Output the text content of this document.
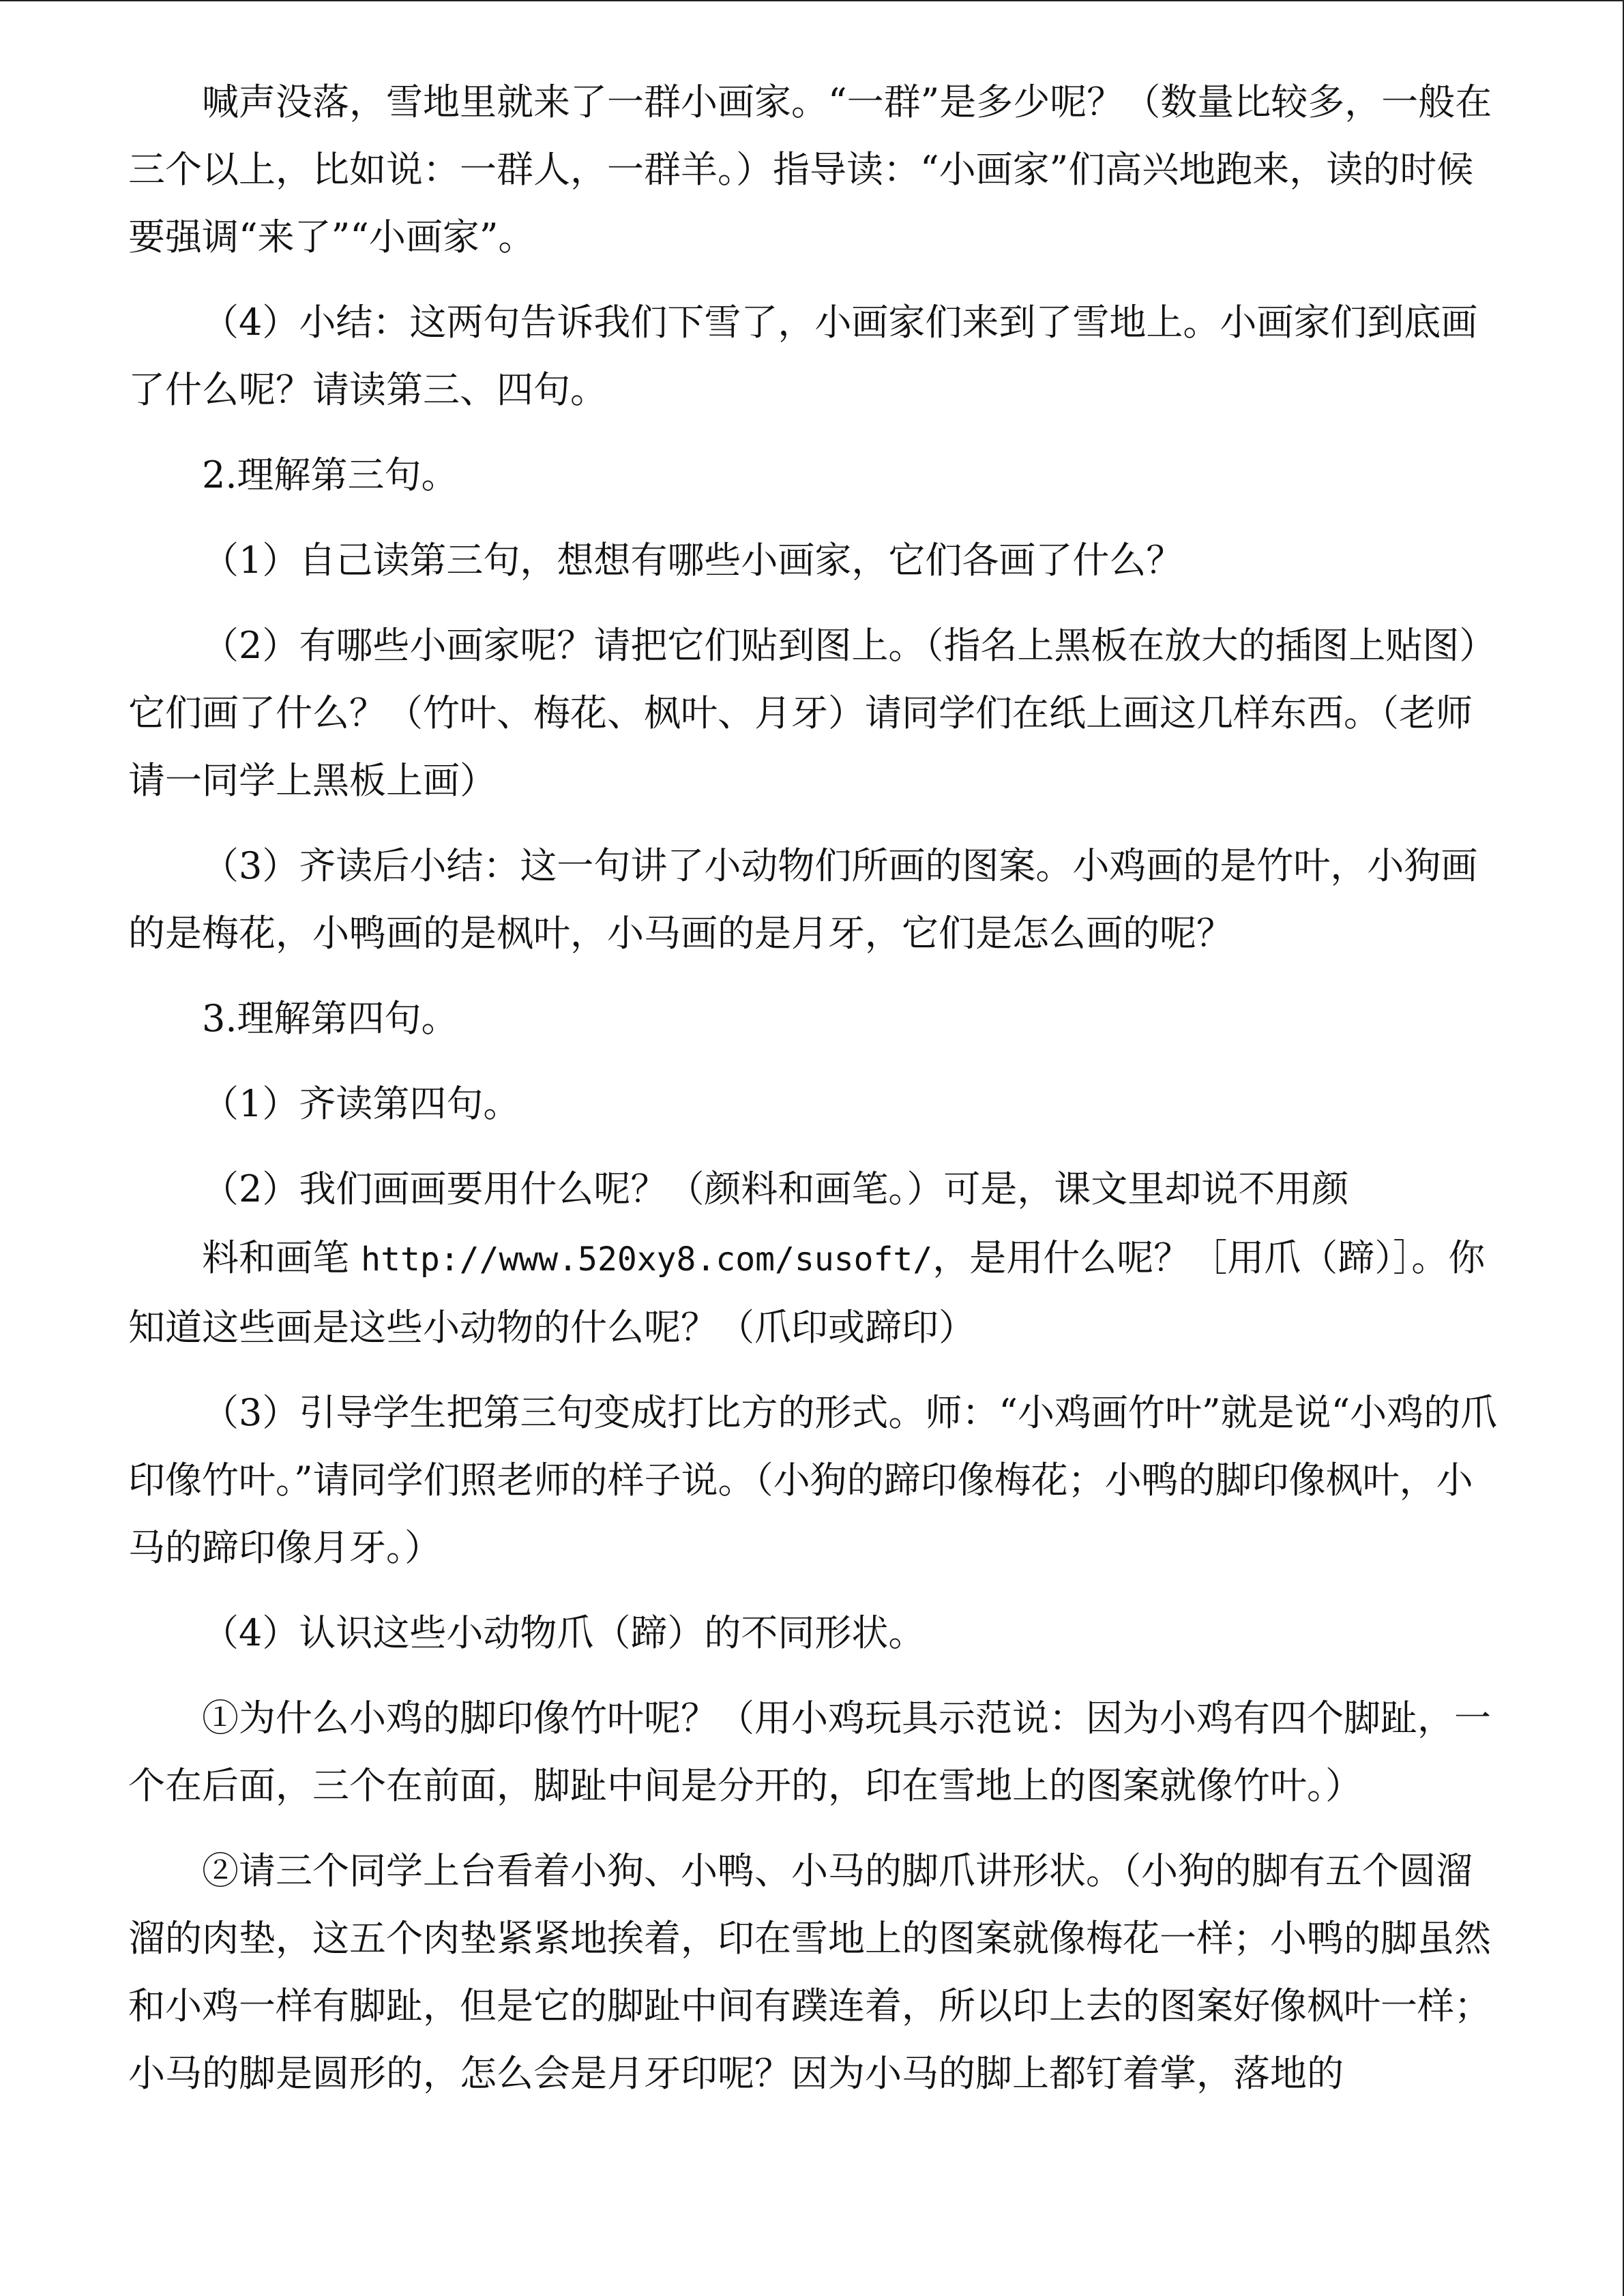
喊声没落，雪地里就来了一群小画家。“一群”是多少呢？（数量比较多，一般在三个以上，比如说：一群人，一群羊。）指导读：“小画家”们高兴地跑来，读的时候要强调“来了”“小画家”。

（4）小结：这两句告诉我们下雪了，小画家们来到了雪地上。小画家们到底画了什么呢？请读第三、四句。

2.理解第三句。

（1）自己读第三句，想想有哪些小画家，它们各画了什么？

（2）有哪些小画家呢？请把它们贴到图上。（指名上黑板在放大的插图上贴图）它们画了什么？（竹叶、梅花、枫叶、月牙）请同学们在纸上画这几样东西。（老师请一同学上黑板上画）

（3）齐读后小结：这一句讲了小动物们所画的图案。小鸡画的是竹叶，小狗画的是梅花，小鸭画的是枫叶，小马画的是月牙，它们是怎么画的呢？

3.理解第四句。

（1）齐读第四句。

（2）我们画画要用什么呢？（颜料和画笔。）可是，课文里却说不用颜

料和画笔 http://www.520xy8.com/susoft/，是用什么呢？［用爪（蹄）］。你知道这些画是这些小动物的什么呢？（爪印或蹄印）

（3）引导学生把第三句变成打比方的形式。师：“小鸡画竹叶”就是说“小鸡的爪印像竹叶。”请同学们照老师的样子说。（小狗的蹄印像梅花；小鸭的脚印像枫叶，小马的蹄印像月牙。）

（4）认识这些小动物爪（蹄）的不同形状。

①为什么小鸡的脚印像竹叶呢？（用小鸡玩具示范说：因为小鸡有四个脚趾，一个在后面，三个在前面，脚趾中间是分开的，印在雪地上的图案就像竹叶。）

②请三个同学上台看着小狗、小鸭、小马的脚爪讲形状。（小狗的脚有五个圆溜溜的肉垫，这五个肉垫紧紧地挨着，印在雪地上的图案就像梅花一样；小鸭的脚虽然和小鸡一样有脚趾，但是它的脚趾中间有蹼连着，所以印上去的图案好像枫叶一样；小马的脚是圆形的，怎么会是月牙印呢？因为小马的脚上都钉着掌，落地的
